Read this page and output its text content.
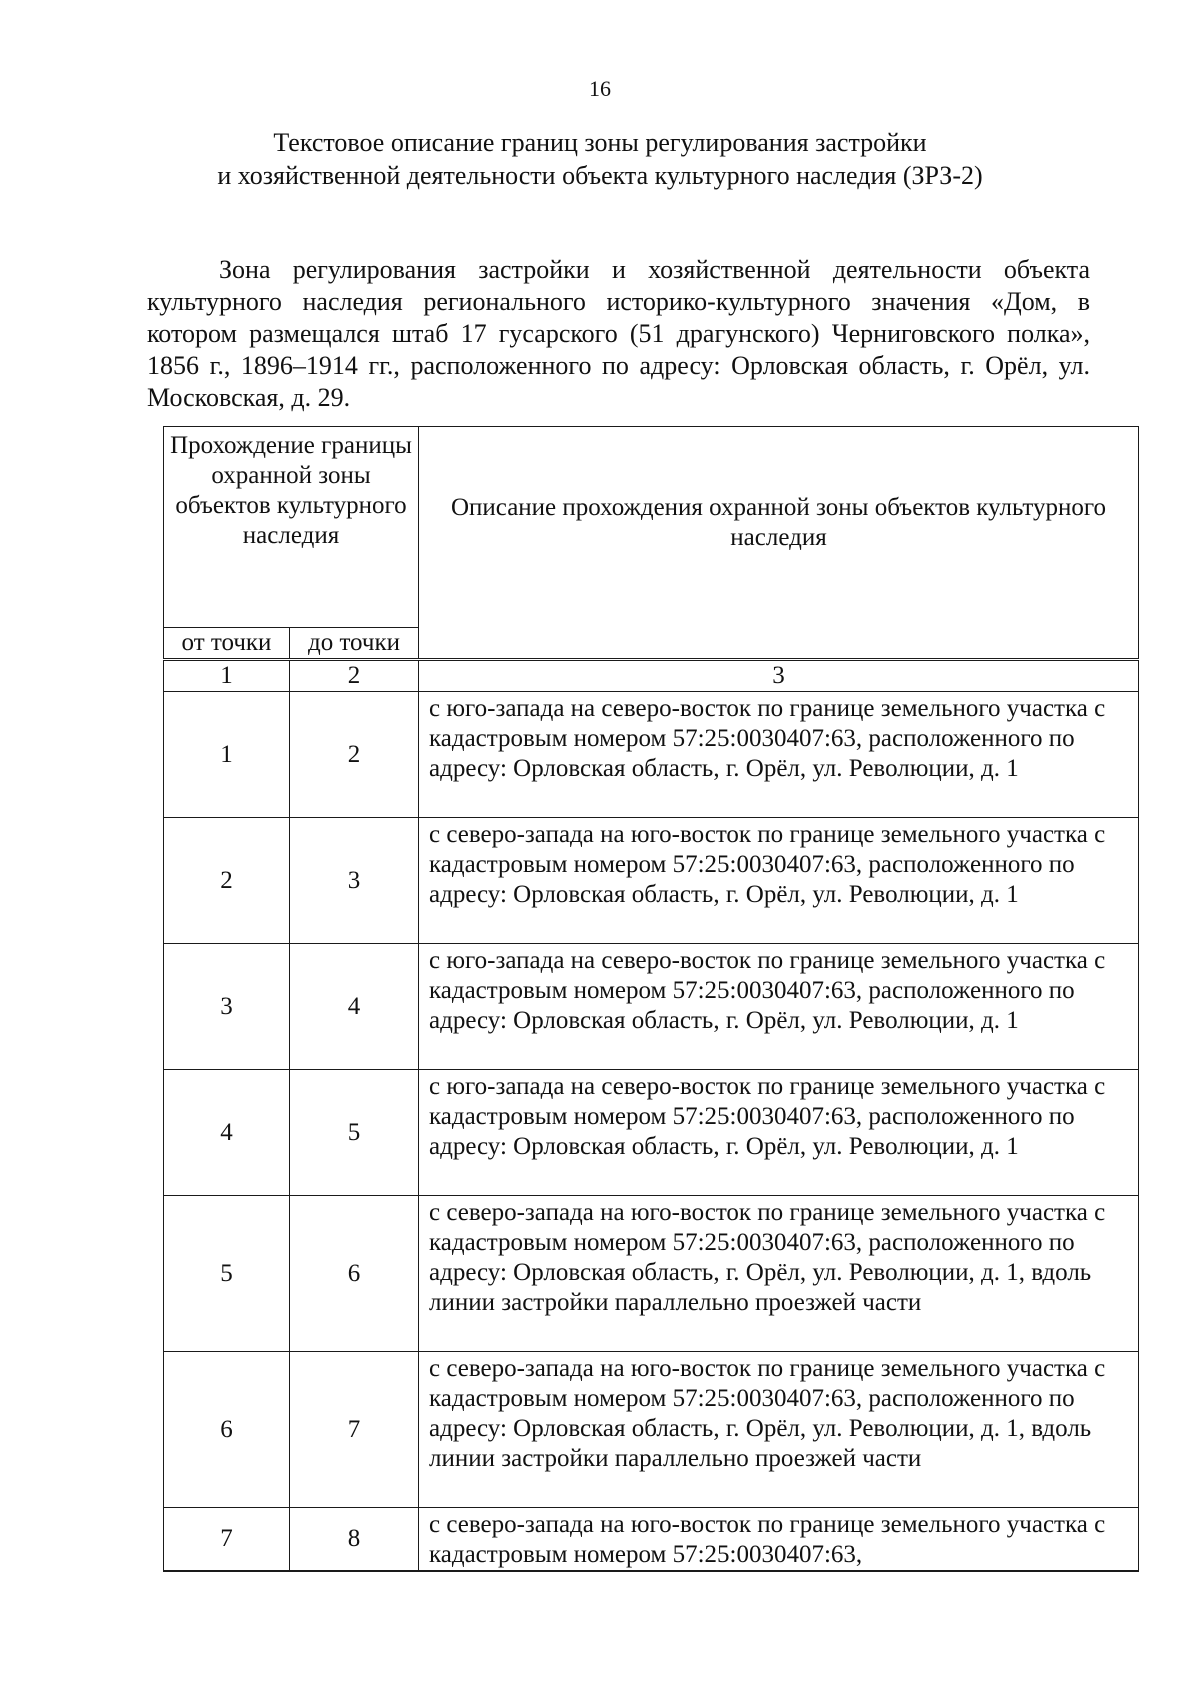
16
Текстовое описание границ зоны регулирования застройки
и хозяйственной деятельности объекта культурного наследия (ЗРЗ-2)

Зона регулирования застройки и хозяйственной деятельности объекта культурного наследия регионального историко-культурного значения «Дом, в котором размещался штаб 17 гусарского (51 драгунского) Черниговского полка», 1856 г., 1896–1914 гг., расположенного по адресу: Орловская область, г. Орёл, ул. Московская, д. 29.

Прохождение границы охранной зоны объектов культурного наследия		Описание прохождения охранной зоны объектов культурного наследия
от точки	до точки	
1	2	3
1	2	с юго-запада на северо-восток по границе земельного участка с кадастровым номером 57:25:0030407:63, расположенного по адресу: Орловская область, г. Орёл, ул. Революции, д. 1
2	3	с северо-запада на юго-восток по границе земельного участка с кадастровым номером 57:25:0030407:63, расположенного по адресу: Орловская область, г. Орёл, ул. Революции, д. 1
3	4	с юго-запада на северо-восток по границе земельного участка с кадастровым номером 57:25:0030407:63, расположенного по адресу: Орловская область, г. Орёл, ул. Революции, д. 1
4	5	с юго-запада на северо-восток по границе земельного участка с кадастровым номером 57:25:0030407:63, расположенного по адресу: Орловская область, г. Орёл, ул. Революции, д. 1
5	6	с северо-запада на юго-восток по границе земельного участка с кадастровым номером 57:25:0030407:63, расположенного по адресу: Орловская область, г. Орёл, ул. Революции, д. 1, вдоль линии застройки параллельно проезжей части
6	7	с северо-запада на юго-восток по границе земельного участка с кадастровым номером 57:25:0030407:63, расположенного по адресу: Орловская область, г. Орёл, ул. Революции, д. 1, вдоль линии застройки параллельно проезжей части
7	8	с северо-запада на юго-восток по границе земельного участка с кадастровым номером 57:25:0030407:63,
